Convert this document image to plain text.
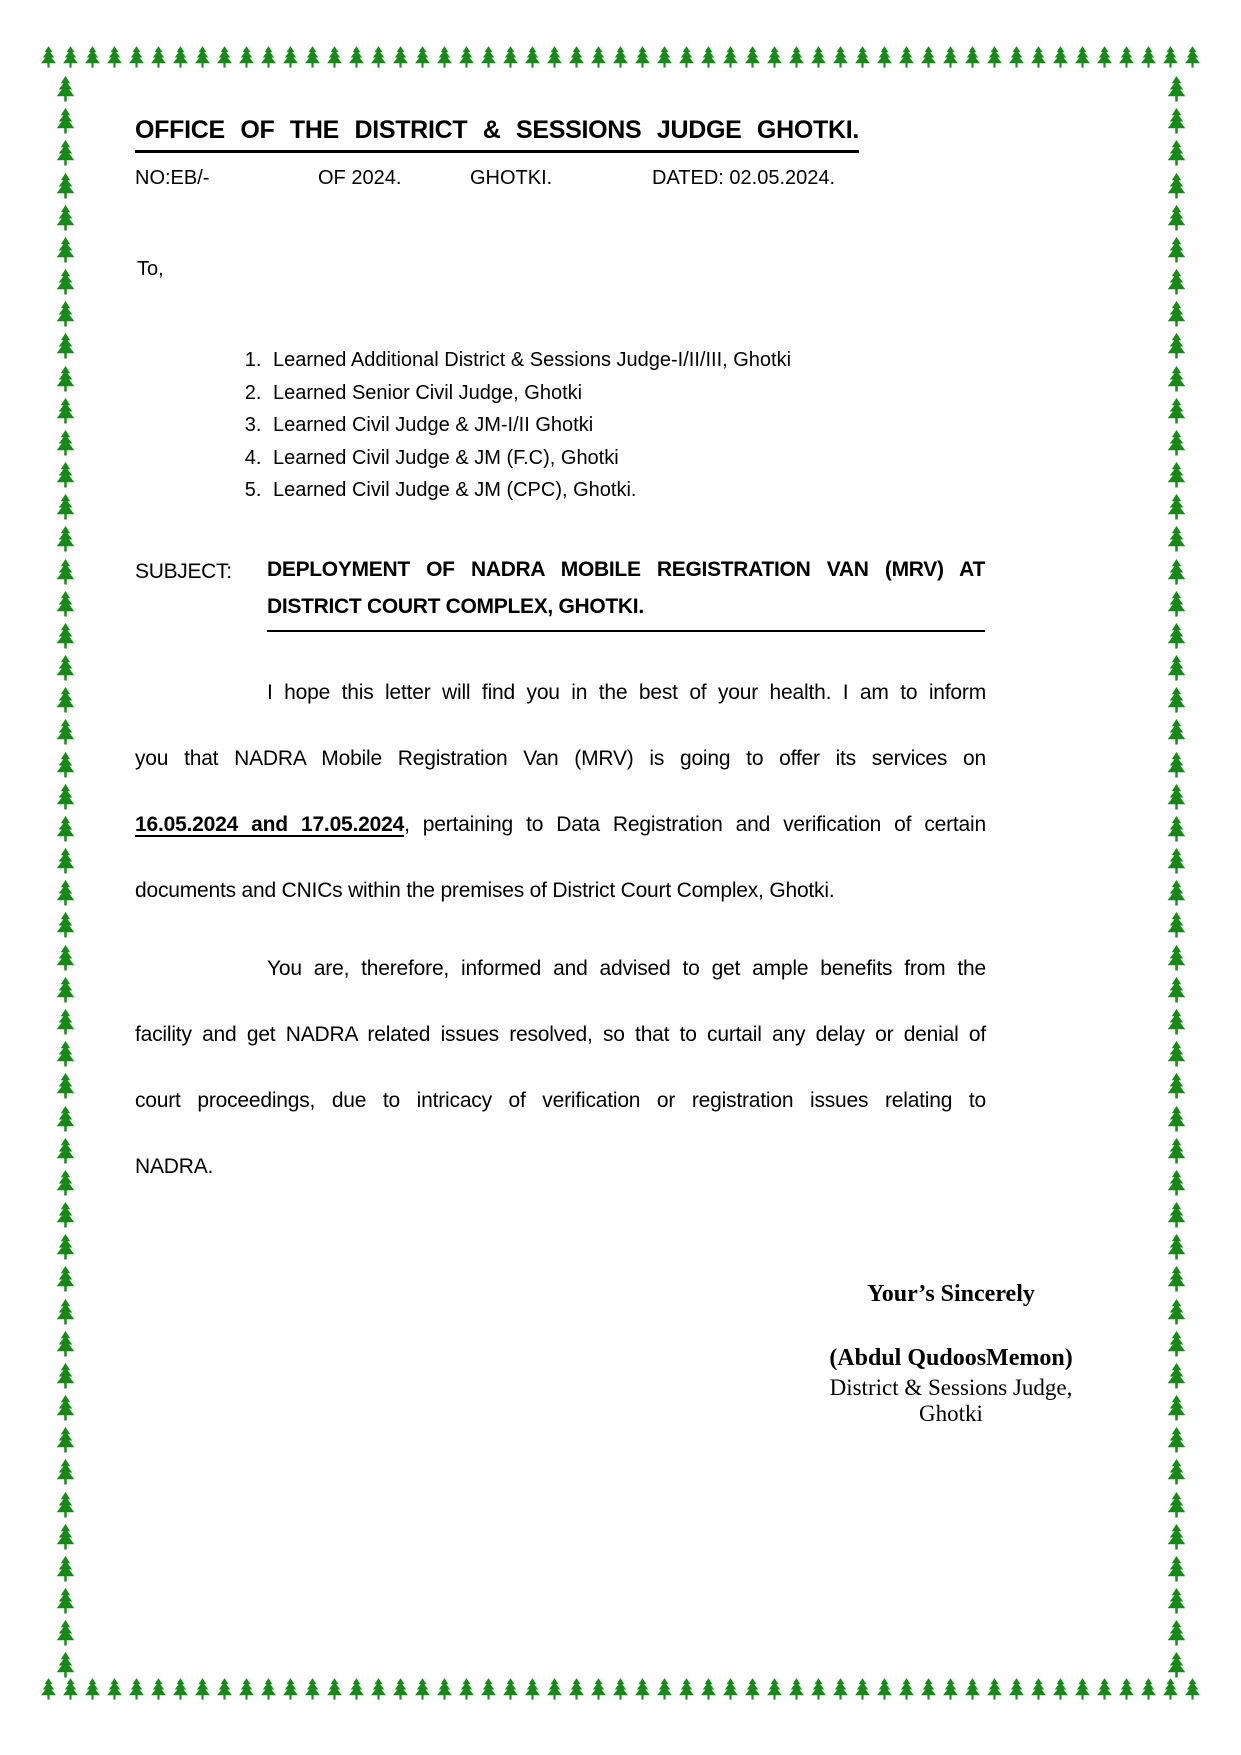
OFFICE OF THE DISTRICT & SESSIONS JUDGE GHOTKI.
NO:EB/-	OF 2024.	GHOTKI.	DATED: 02.05.2024.
To,
1. Learned Additional District & Sessions Judge-I/II/III, Ghotki
2. Learned Senior Civil Judge, Ghotki
3. Learned Civil Judge & JM-I/II Ghotki
4. Learned Civil Judge & JM (F.C), Ghotki
5. Learned Civil Judge & JM (CPC), Ghotki.
SUBJECT: DEPLOYMENT OF NADRA MOBILE REGISTRATION VAN (MRV) AT
DISTRICT COURT COMPLEX, GHOTKI.
I hope this letter will find you in the best of your health. I am to inform
you that NADRA Mobile Registration Van (MRV) is going to offer its services on
16.05.2024 and 17.05.2024, pertaining to Data Registration and verification of certain
documents and CNICs within the premises of District Court Complex, Ghotki.
You are, therefore, informed and advised to get ample benefits from the
facility and get NADRA related issues resolved, so that to curtail any delay or denial of
court proceedings, due to intricacy of verification or registration issues relating to
NADRA.
Your’s Sincerely
(Abdul QudoosMemon)
District & Sessions Judge,
Ghotki
